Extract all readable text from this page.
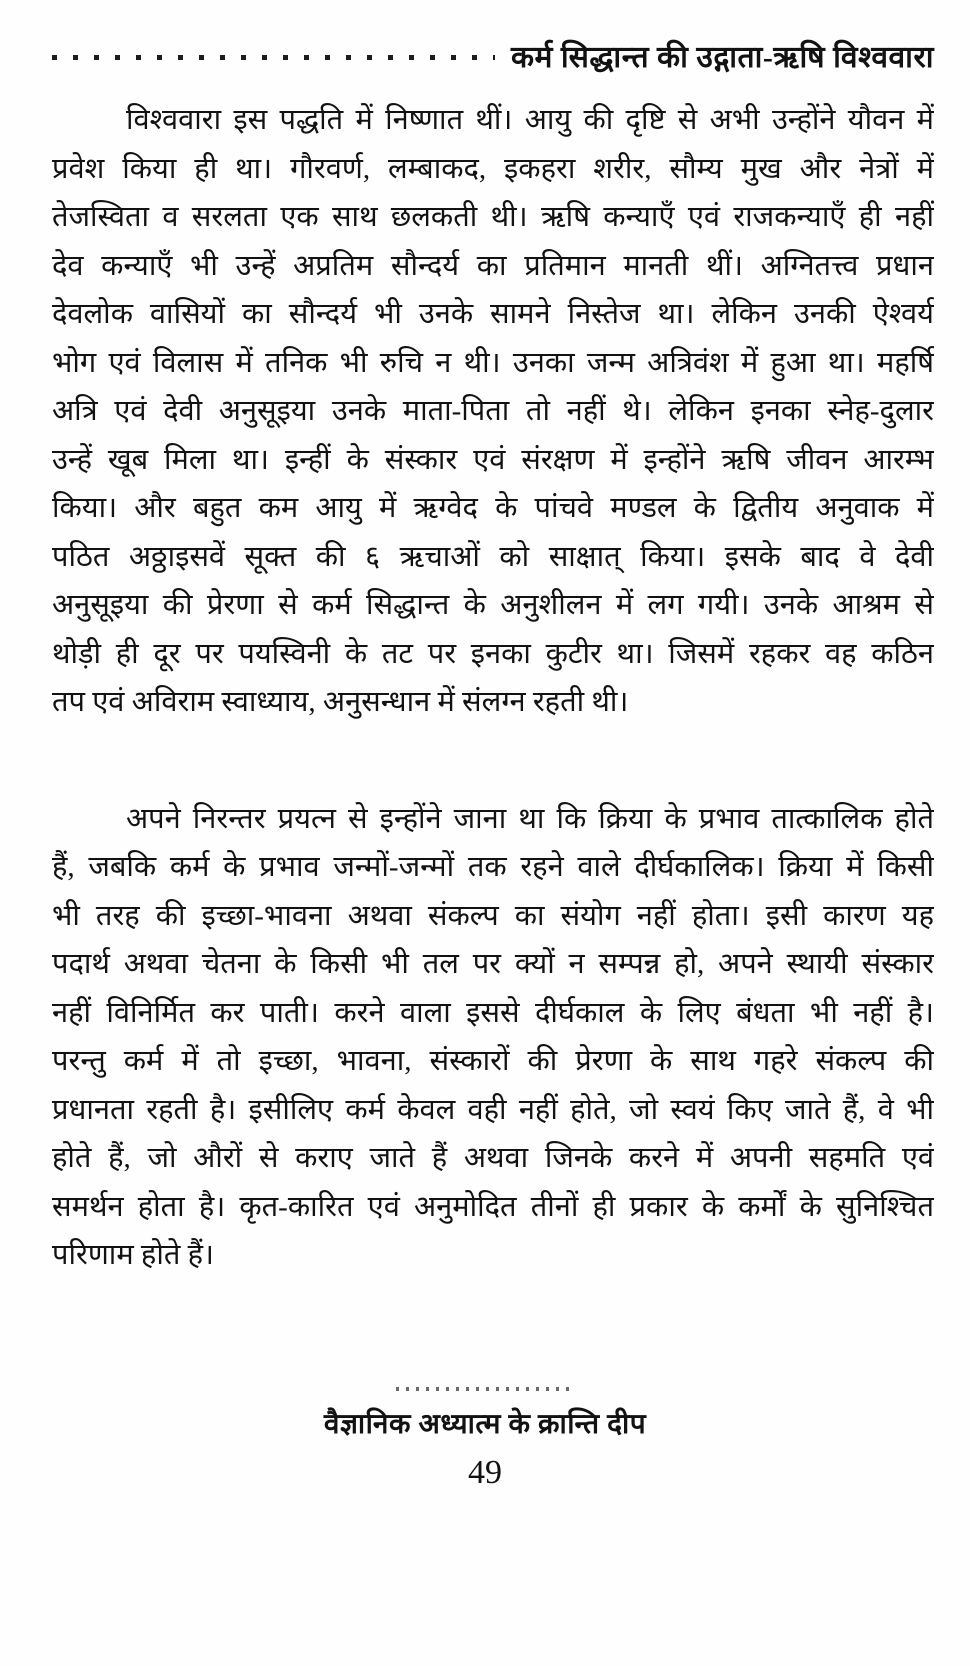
कर्म सिद्धान्त की उद्गाता-ऋषि विश्ववारा
विश्ववारा इस पद्धति में निष्णात थीं। आयु की दृष्टि से अभी उन्होंने यौवन में
प्रवेश किया ही था। गौरवर्ण, लम्बाकद, इकहरा शरीर, सौम्य मुख और नेत्रों में
तेजस्विता व सरलता एक साथ छलकती थी। ऋषि कन्याएँ एवं राजकन्याएँ ही नहीं
देव कन्याएँ भी उन्हें अप्रतिम सौन्दर्य का प्रतिमान मानती थीं। अग्नितत्त्व प्रधान
देवलोक वासियों का सौन्दर्य भी उनके सामने निस्तेज था। लेकिन उनकी ऐश्वर्य
भोग एवं विलास में तनिक भी रुचि न थी। उनका जन्म अत्रिवंश में हुआ था। महर्षि
अत्रि एवं देवी अनुसूइया उनके माता-पिता तो नहीं थे। लेकिन इनका स्नेह-दुलार
उन्हें खूब मिला था। इन्हीं के संस्कार एवं संरक्षण में इन्होंने ऋषि जीवन आरम्भ
किया। और बहुत कम आयु में ऋग्वेद के पांचवे मण्डल के द्वितीय अनुवाक में
पठित अठ्ठाइसवें सूक्त की ६ ऋचाओं को साक्षात् किया। इसके बाद वे देवी
अनुसूइया की प्रेरणा से कर्म सिद्धान्त के अनुशीलन में लग गयी। उनके आश्रम से
थोड़ी ही दूर पर पयस्विनी के तट पर इनका कुटीर था। जिसमें रहकर वह कठिन
तप एवं अविराम स्वाध्याय, अनुसन्धान में संलग्न रहती थी।
अपने निरन्तर प्रयत्न से इन्होंने जाना था कि क्रिया के प्रभाव तात्कालिक होते
हैं, जबकि कर्म के प्रभाव जन्मों-जन्मों तक रहने वाले दीर्घकालिक। क्रिया में किसी
भी तरह की इच्छा-भावना अथवा संकल्प का संयोग नहीं होता। इसी कारण यह
पदार्थ अथवा चेतना के किसी भी तल पर क्यों न सम्पन्न हो, अपने स्थायी संस्कार
नहीं विनिर्मित कर पाती। करने वाला इससे दीर्घकाल के लिए बंधता भी नहीं है।
परन्तु कर्म में तो इच्छा, भावना, संस्कारों की प्रेरणा के साथ गहरे संकल्प की
प्रधानता रहती है। इसीलिए कर्म केवल वही नहीं होते, जो स्वयं किए जाते हैं, वे भी
होते हैं, जो औरों से कराए जाते हैं अथवा जिनके करने में अपनी सहमति एवं
समर्थन होता है। कृत-कारित एवं अनुमोदित तीनों ही प्रकार के कर्मों के सुनिश्चित
परिणाम होते हैं।
वैज्ञानिक अध्यात्म के क्रान्ति दीप
49
